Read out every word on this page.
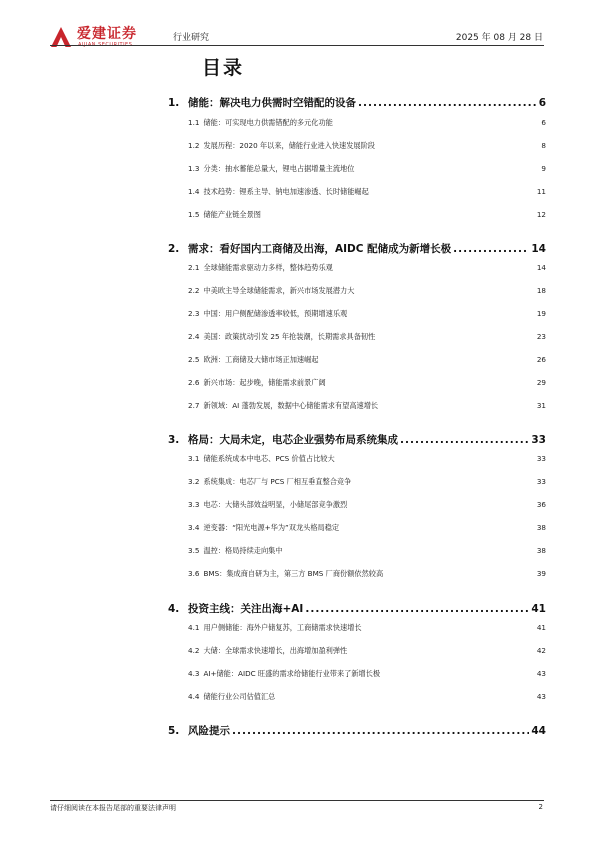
爱建证券
AIJIAN SECURITIES
行业研究	2025 年 08 月 28 日
目录
1. 储能：解决电力供需时空错配的设备 .....	6
1.1 储能：可实现电力供需错配的多元化功能	6
1.2 发展历程：2020 年以来，储能行业进入快速发展阶段	8
1.3 分类：抽水蓄能总量大，锂电占据增量主流地位	9
1.4 技术趋势：锂系主导、钠电加速渗透、长时储能崛起	11
1.5 储能产业链全景图	12
2. 需求：看好国内工商储及出海，AIDC 配储成为新增长极 .....	14
2.1 全球储能需求驱动力多样，整体趋势乐观	14
2.2 中美欧主导全球储能需求，新兴市场发展潜力大	18
2.3 中国：用户侧配储渗透率较低，预期增速乐观	19
2.4 美国：政策扰动引发 25 年抢装潮，长期需求具备韧性	23
2.5 欧洲：工商储及大储市场正加速崛起	26
2.6 新兴市场：起步晚，储能需求前景广阔	29
2.7 新领域：AI 蓬勃发展，数据中心储能需求有望高速增长	31
3. 格局：大局未定，电芯企业强势布局系统集成 .....	33
3.1 储能系统成本中电芯、PCS 价值占比较大	33
3.2 系统集成：电芯厂与 PCS 厂相互垂直整合竞争	33
3.3 电芯：大储头部效益明显，小储尾部竞争激烈	36
3.4 逆变器：“阳光电源+华为”双龙头格局稳定	38
3.5 温控：格局持续走向集中	38
3.6 BMS：集成商自研为主，第三方 BMS 厂商份额依然较高	39
4. 投资主线：关注出海+AI .....	41
4.1 用户侧储能：海外户储复苏，工商储需求快速增长	41
4.2 大储：全球需求快速增长，出海增加盈利弹性	42
4.3 AI+储能：AIDC 旺盛的需求给储能行业带来了新增长极	43
4.4 储能行业公司估值汇总	43
5. 风险提示 .....	44
请仔细阅读在本报告尾部的重要法律声明	2
